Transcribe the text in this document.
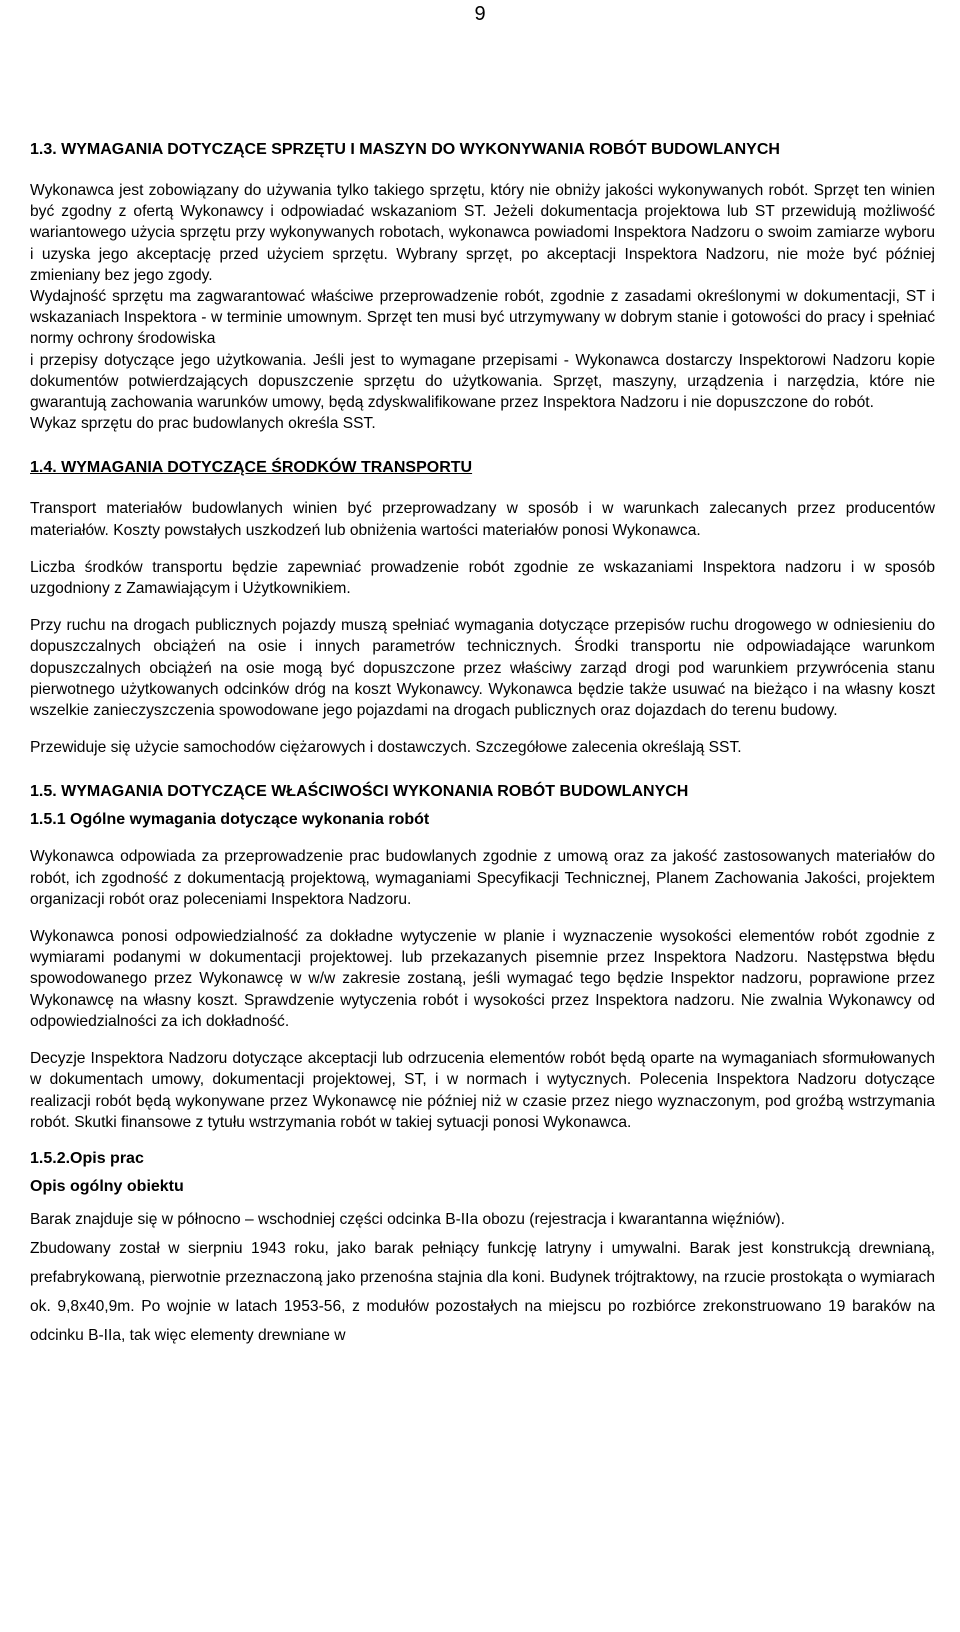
9

1.3. WYMAGANIA DOTYCZĄCE SPRZĘTU I MASZYN DO WYKONYWANIA ROBÓT BUDOWLANYCH

Wykonawca jest zobowiązany do używania tylko takiego sprzętu, który nie obniży jakości wykonywanych robót. Sprzęt ten winien być zgodny z ofertą Wykonawcy i odpowiadać wskazaniom ST. Jeżeli dokumentacja projektowa lub ST przewidują możliwość wariantowego użycia sprzętu przy wykonywanych robotach, wykonawca powiadomi Inspektora Nadzoru o swoim zamiarze wyboru i uzyska jego akceptację przed użyciem sprzętu. Wybrany sprzęt, po akceptacji Inspektora Nadzoru, nie może być później zmieniany bez jego zgody.

Wydajność sprzętu ma zagwarantować właściwe przeprowadzenie robót, zgodnie z zasadami określonymi w dokumentacji, ST i wskazaniach Inspektora - w terminie umownym. Sprzęt ten musi być utrzymywany w dobrym stanie i gotowości do pracy i spełniać normy ochrony środowiska

i przepisy dotyczące jego użytkowania. Jeśli jest to wymagane przepisami - Wykonawca dostarczy Inspektorowi Nadzoru kopie dokumentów potwierdzających dopuszczenie sprzętu do użytkowania. Sprzęt, maszyny, urządzenia i narzędzia, które nie gwarantują zachowania warunków umowy, będą zdyskwalifikowane przez Inspektora Nadzoru i nie dopuszczone do robót.

Wykaz sprzętu do prac budowlanych określa SST.

1.4. WYMAGANIA DOTYCZĄCE ŚRODKÓW TRANSPORTU

Transport materiałów budowlanych winien być przeprowadzany w sposób i w warunkach zalecanych przez producentów materiałów. Koszty powstałych uszkodzeń lub obniżenia wartości materiałów ponosi Wykonawca.

Liczba środków transportu będzie zapewniać prowadzenie robót zgodnie ze wskazaniami Inspektora nadzoru i w sposób uzgodniony z Zamawiającym i Użytkownikiem.

Przy ruchu na drogach publicznych pojazdy muszą spełniać wymagania dotyczące przepisów ruchu drogowego w odniesieniu do dopuszczalnych obciążeń na osie i innych parametrów technicznych. Środki transportu nie odpowiadające warunkom dopuszczalnych obciążeń na osie mogą być dopuszczone przez właściwy zarząd drogi pod warunkiem przywrócenia stanu pierwotnego użytkowanych odcinków dróg na koszt Wykonawcy. Wykonawca będzie także usuwać na bieżąco i na własny koszt wszelkie zanieczyszczenia spowodowane jego pojazdami na drogach publicznych oraz dojazdach do terenu budowy.

Przewiduje się użycie samochodów ciężarowych i dostawczych. Szczegółowe zalecenia określają SST.

1.5. WYMAGANIA DOTYCZĄCE WŁAŚCIWOŚCI WYKONANIA ROBÓT BUDOWLANYCH

1.5.1 Ogólne wymagania dotyczące wykonania robót

Wykonawca odpowiada za przeprowadzenie prac budowlanych zgodnie z umową oraz za jakość zastosowanych materiałów do robót, ich zgodność z dokumentacją projektową, wymaganiami Specyfikacji Technicznej, Planem Zachowania Jakości, projektem organizacji robót oraz poleceniami Inspektora Nadzoru.

Wykonawca ponosi odpowiedzialność za dokładne wytyczenie w planie i wyznaczenie wysokości elementów robót zgodnie z wymiarami podanymi w dokumentacji projektowej. lub przekazanych pisemnie przez Inspektora Nadzoru. Następstwa błędu spowodowanego przez Wykonawcę w w/w zakresie zostaną, jeśli wymagać tego będzie Inspektor nadzoru, poprawione przez Wykonawcę na własny koszt. Sprawdzenie wytyczenia robót i wysokości przez Inspektora nadzoru. Nie zwalnia Wykonawcy od odpowiedzialności za ich dokładność.

Decyzje Inspektora Nadzoru dotyczące akceptacji lub odrzucenia elementów robót będą oparte na wymaganiach sformułowanych w dokumentach umowy, dokumentacji projektowej, ST, i w normach i wytycznych. Polecenia Inspektora Nadzoru dotyczące realizacji robót będą wykonywane przez Wykonawcę nie później niż w czasie przez niego wyznaczonym, pod groźbą wstrzymania robót. Skutki finansowe z tytułu wstrzymania robót w takiej sytuacji ponosi Wykonawca.

1.5.2.Opis prac

Opis ogólny obiektu

Barak znajduje się w północno – wschodniej części odcinka B-IIa obozu (rejestracja i kwarantanna więźniów).

Zbudowany został w sierpniu 1943 roku, jako barak pełniący funkcję latryny i umywalni. Barak jest konstrukcją drewnianą, prefabrykowaną, pierwotnie przeznaczoną jako przenośna stajnia dla koni. Budynek trójtraktowy, na rzucie prostokąta o wymiarach ok. 9,8x40,9m. Po wojnie w latach 1953-56, z modułów pozostałych na miejscu po rozbiórce zrekonstruowano 19 baraków na odcinku B-IIa, tak więc elementy drewniane w
